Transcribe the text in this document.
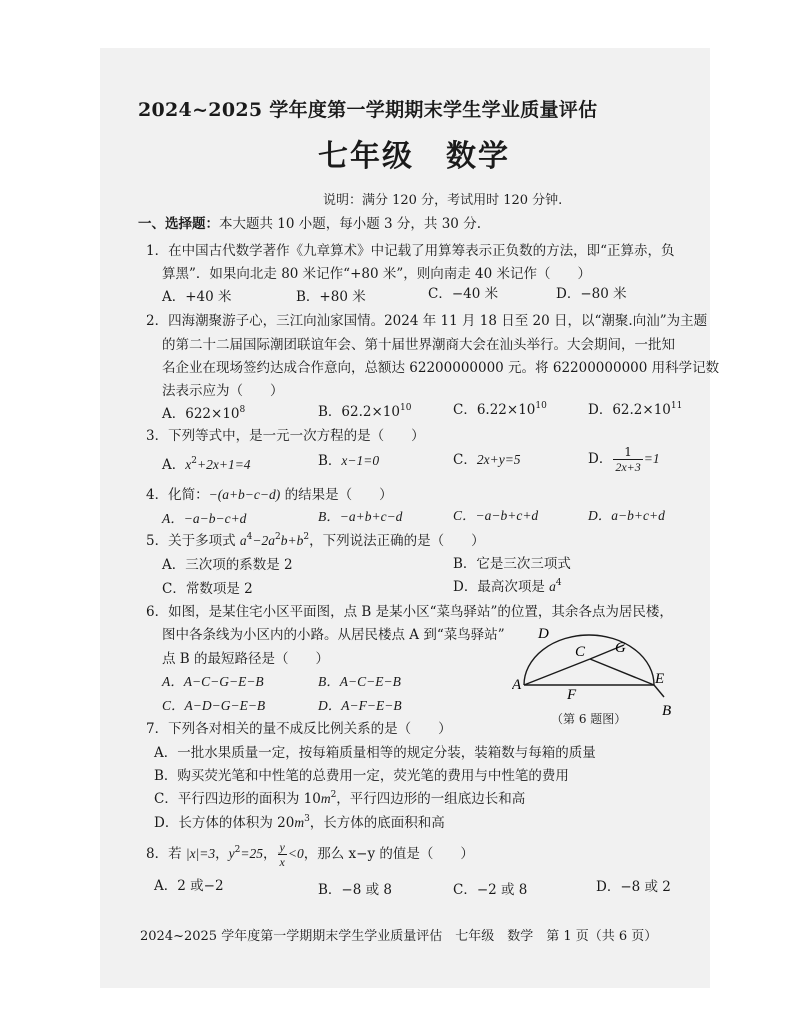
2024~2025 学年度第一学期期末学生学业质量评估
七年级　数学
说明：满分 120 分，考试用时 120 分钟.
一、选择题：本大题共 10 小题，每小题 3 分，共 30 分.
1．在中国古代数学著作《九章算术》中记载了用算筹表示正负数的方法，即“正算赤，负
算黑”．如果向北走 80 米记作“+80 米”，则向南走 40 米记作（　　）
A．+40 米	B．+80 米	C．−40 米	D．−80 米
2．四海潮聚游子心，三江向汕家国情。2024 年 11 月 18 日至 20 日，以“潮聚.向汕”为主题
的第二十二届国际潮团联谊年会、第十届世界潮商大会在汕头举行。大会期间，一批知
名企业在现场签约达成合作意向，总额达 62200000000 元。将 62200000000 用科学记数
法表示应为（　　）
A．$622\times 10^8$	B．$62.2\times 10^{10}$	C．$6.22\times 10^{10}$	D．$62.2\times 10^{11}$
3．下列等式中，是一元一次方程的是（　　）
A．$x^2+2x+1=4$	B．x−1=0	C．2x+y=5	D． $\frac{1}{2x+3} =1$
4．化简：−(a+b−c−d) 的结果是（　　）
A．−a−b−c+d	B．−a+b+c−d	C．−a−b+c+d	D．a−b+c+d
5．关于多项式 $a^4-2a^2b+b^2$，下列说法正确的是（　　）
A．三次项的系数是 2	B．它是三次三项式
C．常数项是 2	D．最高次项是 $a^4$
6．如图，是某住宅小区平面图，点 B 是某小区“菜鸟驿站”的位置，其余各点为居民楼，
图中各条线为小区内的小路。从居民楼点 A 到“菜鸟驿站”
点 B 的最短路径是（　　）
A．A−C−G−E−B	B．A−C−E−B
C．A−D−G−E−B	D．A−F−E−B
A
D
C G
E
F
B
（第 6 题图）
7．下列各对相关的量不成反比例关系的是（　　）
A．一批水果质量一定，按每箱质量相等的规定分装，装箱数与每箱的质量
B．购买荧光笔和中性笔的总费用一定，荧光笔的费用与中性笔的费用
C．平行四边形的面积为 $10m^2$，平行四边形的一组底边长和高
D．长方体的体积为 $20m^3$，长方体的底面积和高
8．若 |x|=3，$y^2=25$， $\frac{y}{x} <0$，那么 x−y 的值是（　　）
A．2 或−2	B．−8 或 8	C．−2 或 8	D．−8 或 2
2024~2025 学年度第一学期期末学生学业质量评估　七年级　数学　第 1 页（共 6 页）
